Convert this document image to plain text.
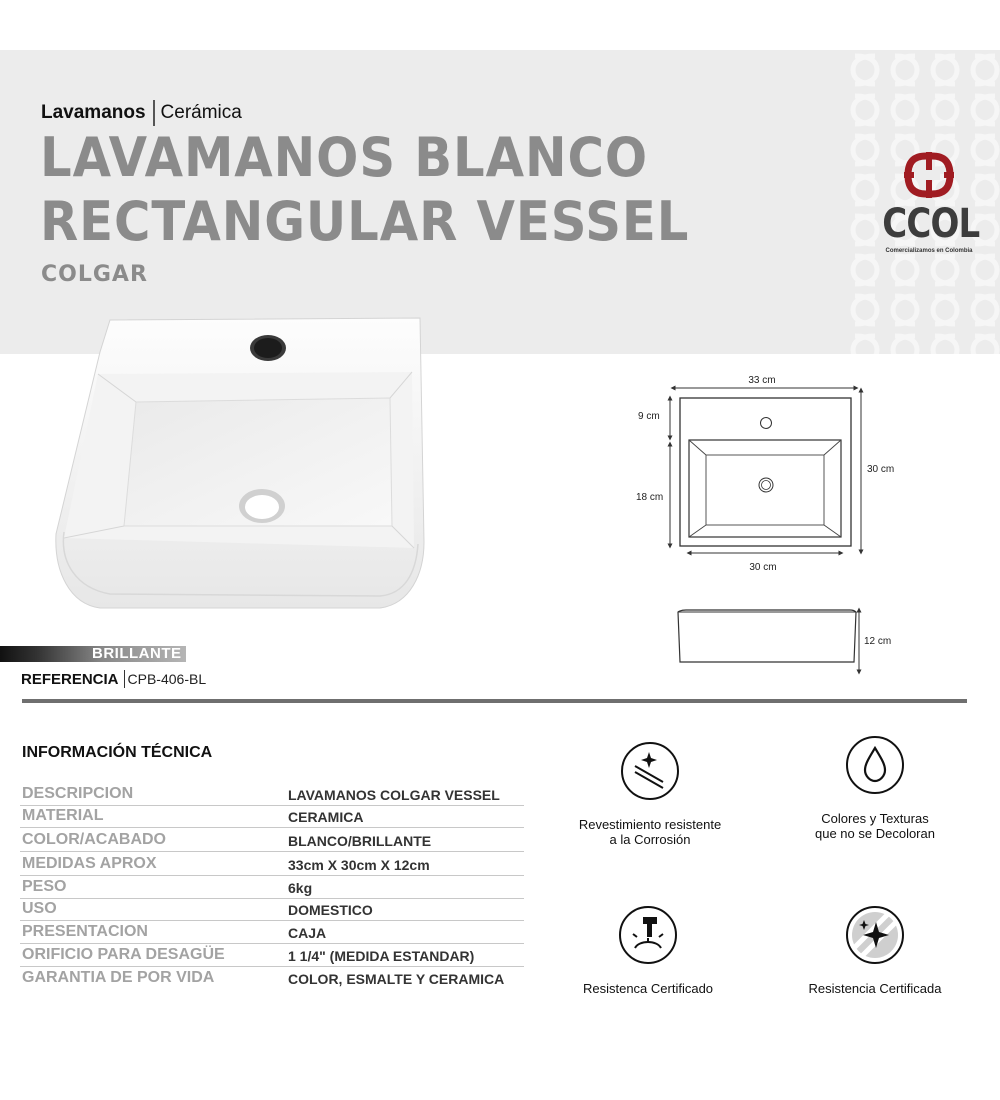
Lavamanos Cerámica
LAVAMANOS BLANCO
RECTANGULAR VESSEL
COLGAR
CCOL
Comercializamos en Colombia
BRILLANTE
REFERENCIA CPB-406-BL
33 cm
30 cm
9 cm
18 cm
30 cm
12 cm
INFORMACIÓN TÉCNICA
DESCRIPCION	LAVAMANOS COLGAR VESSEL
MATERIAL	CERAMICA
COLOR/ACABADO	BLANCO/BRILLANTE
MEDIDAS APROX	33cm X 30cm X 12cm
PESO	6kg
USO	DOMESTICO
PRESENTACION	CAJA
ORIFICIO PARA DESAGÜE	1 1/4" (MEDIDA ESTANDAR)
GARANTIA DE POR VIDA	COLOR, ESMALTE Y CERAMICA
Revestimiento resistente
a la Corrosión
Colores y Texturas
que no se Decoloran
Resistenca Certificado	Resistencia Certificada
